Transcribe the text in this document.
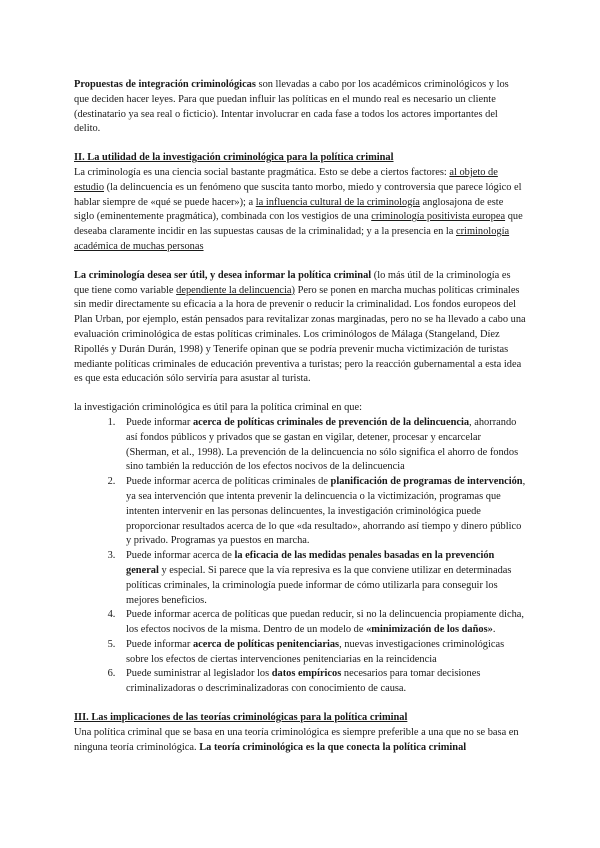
Propuestas de integración criminológicas son llevadas a cabo por los académicos criminológicos y los que deciden hacer leyes. Para que puedan influir las políticas en el mundo real es necesario un cliente (destinatario ya sea real o ficticio). Intentar involucrar en cada fase a todos los actores importantes del delito.

II. La utilidad de la investigación criminológica para la política criminal

La criminología es una ciencia social bastante pragmática. Esto se debe a ciertos factores: al objeto de estudio (la delincuencia es un fenómeno que suscita tanto morbo, miedo y controversia que parece lógico el hablar siempre de «qué se puede hacer»); a la influencia cultural de la criminología anglosajona de este siglo (eminentemente pragmática), combinada con los vestigios de una criminología positivista europea que deseaba claramente incidir en las supuestas causas de la criminalidad; y a la presencia en la criminología académica de muchas personas

La criminología desea ser útil, y desea informar la política criminal (lo más útil de la criminología es que tiene como variable dependiente la delincuencia) Pero se ponen en marcha muchas políticas criminales sin medir directamente su eficacia a la hora de prevenir o reducir la criminalidad. Los fondos europeos del Plan Urban, por ejemplo, están pensados para revitalizar zonas marginadas, pero no se ha llevado a cabo una evaluación criminológica de estas políticas criminales. Los criminólogos de Málaga (Stangeland, Díez Ripollés y Durán Durán, 1998) y Tenerife opinan que se podría prevenir mucha victimización de turistas mediante políticas criminales de educación preventiva a turistas; pero la reacción gubernamental a esta idea es que esta educación sólo serviría para asustar al turista.

la investigación criminológica es útil para la política criminal en que:

1. Puede informar acerca de políticas criminales de prevención de la delincuencia, ahorrando así fondos públicos y privados que se gastan en vigilar, detener, procesar y encarcelar (Sherman, et al., 1998). La prevención de la delincuencia no sólo significa el ahorro de fondos sino también la reducción de los efectos nocivos de la delincuencia
2. Puede informar acerca de políticas criminales de planificación de programas de intervención, ya sea intervención que intenta prevenir la delincuencia o la victimización, programas que intenten intervenir en las personas delincuentes, la investigación criminológica puede proporcionar resultados acerca de lo que «da resultado», ahorrando así tiempo y dinero público y privado. Programas ya puestos en marcha.
3. Puede informar acerca de la eficacia de las medidas penales basadas en la prevención general y especial. Si parece que la vía represiva es la que conviene utilizar en determinadas políticas criminales, la criminología puede informar de cómo utilizarla para conseguir los mejores beneficios.
4. Puede informar acerca de políticas que puedan reducir, si no la delincuencia propiamente dicha, los efectos nocivos de la misma. Dentro de un modelo de «minimización de los daños».
5. Puede informar acerca de políticas penitenciarias, nuevas investigaciones criminológicas sobre los efectos de ciertas intervenciones penitenciarias en la reincidencia
6. Puede suministrar al legislador los datos empíricos necesarios para tomar decisiones criminalizadoras o descriminalizadoras con conocimiento de causa.
III. Las implicaciones de las teorías criminológicas para la política criminal

Una política criminal que se basa en una teoría criminológica es siempre preferible a una que no se basa en ninguna teoría criminológica. La teoría criminológica es la que conecta la política criminal
